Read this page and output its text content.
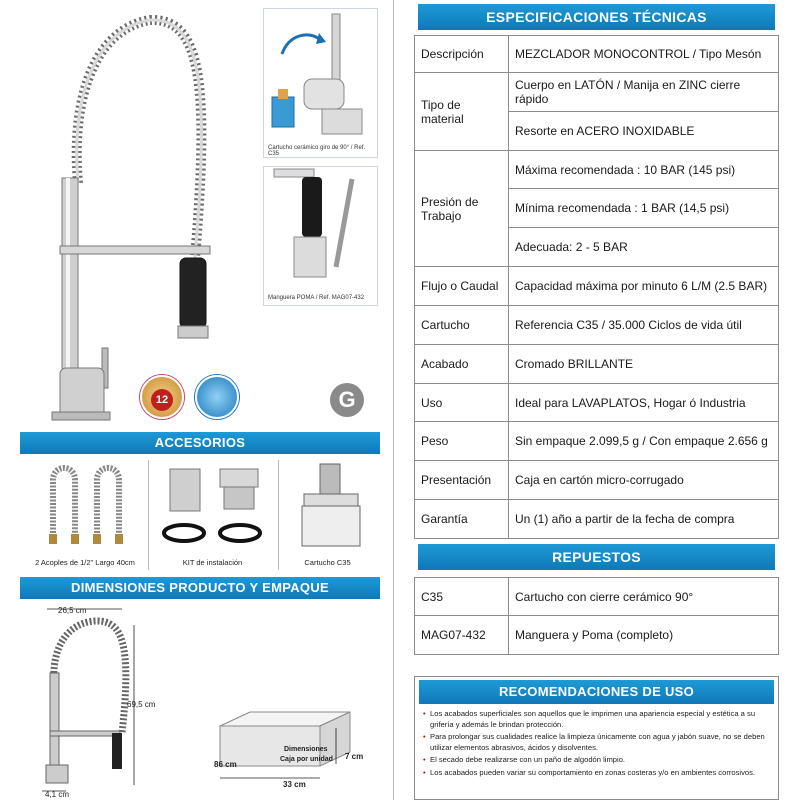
Cartucho cerámico giro de 90° / Ref. C35
Manguera POMA / Ref. MAG07-432
12	G
ACCESORIOS
2 Acoples de 1/2" Largo 40cm	KIT de instalación	Cartucho C35
DIMENSIONES PRODUCTO Y EMPAQUE
26,5 cm
69,5 cm
4,1 cm
Dimensiones
Caja por unidad
86 cm
33 cm
7 cm
ESPECIFICACIONES TÉCNICAS
Descripción	MEZCLADOR MONOCONTROL / Tipo Mesón
Tipo de material	Cuerpo en LATÓN / Manija en ZINC cierre rápido
	Resorte en ACERO INOXIDABLE
Presión de Trabajo	Máxima recomendada : 10 BAR (145 psi)
	Mínima recomendada : 1 BAR (14,5 psi)
	Adecuada: 2 - 5 BAR
Flujo o Caudal	Capacidad máxima por minuto 6 L/M (2.5 BAR)
Cartucho	Referencia C35 / 35.000 Ciclos de vida útil
Acabado	Cromado BRILLANTE
Uso	Ideal para LAVAPLATOS, Hogar ó Industria
Peso	Sin empaque 2.099,5 g / Con empaque 2.656 g
Presentación	Caja en cartón micro-corrugado
Garantía	Un (1) año a partir de la fecha de compra
REPUESTOS
C35	Cartucho con cierre cerámico 90°
MAG07-432	Manguera y Poma (completo)
RECOMENDACIONES DE USO
• Los acabados superficiales son aquellos que le imprimen una apariencia especial y estética a su grifería y además le brindan protección.
• Para prolongar sus cualidades realice la limpieza únicamente con agua y jabón suave, no se deben utilizar elementos abrasivos, ácidos y disolventes.
• El secado debe realizarse con un paño de algodón limpio.
• Los acabados pueden variar su comportamiento en zonas costeras y/o en ambientes corrosivos.
